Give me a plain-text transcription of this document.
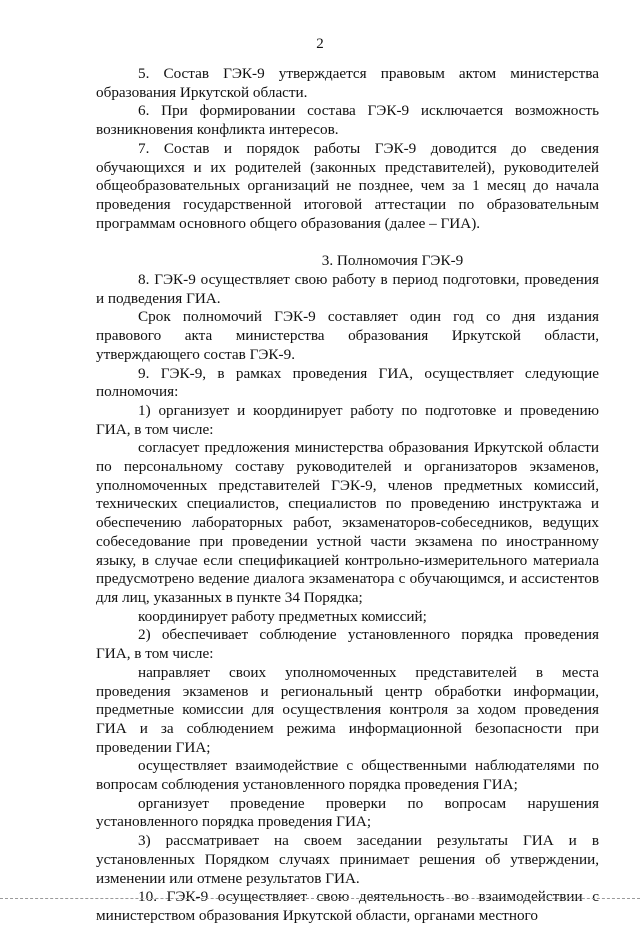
2

5. Состав ГЭК-9 утверждается правовым актом министерства образования Иркутской области.

6. При формировании состава ГЭК-9 исключается возможность возникновения конфликта интересов.

7. Состав и порядок работы ГЭК-9 доводится до сведения обучающихся и их родителей (законных представителей), руководителей общеобразовательных организаций не позднее, чем за 1 месяц до начала проведения государственной итоговой аттестации по образовательным программам основного общего образования (далее – ГИА).

3. Полномочия ГЭК-9

8. ГЭК-9 осуществляет свою работу в период подготовки, проведения и подведения ГИА.

Срок полномочий ГЭК-9 составляет один год со дня издания правового акта министерства образования Иркутской области, утверждающего состав ГЭК-9.

9. ГЭК-9, в рамках проведения ГИА, осуществляет следующие полномочия:

1) организует и координирует работу по подготовке и проведению ГИА, в том числе:

согласует предложения министерства образования Иркутской области по персональному составу руководителей и организаторов экзаменов, уполномоченных представителей ГЭК-9, членов предметных комиссий, технических специалистов, специалистов по проведению инструктажа и обеспечению лабораторных работ, экзаменаторов-собеседников, ведущих собеседование при проведении устной части экзамена по иностранному языку, в случае если спецификацией контрольно-измерительного материала предусмотрено ведение диалога экзаменатора с обучающимся, и ассистентов для лиц, указанных в пункте 34 Порядка;

координирует работу предметных комиссий;

2) обеспечивает соблюдение установленного порядка проведения ГИА, в том числе:

направляет своих уполномоченных представителей в места проведения экзаменов и региональный центр обработки информации, предметные комиссии для осуществления контроля за ходом проведения ГИА и за соблюдением режима информационной безопасности при проведении ГИА;

осуществляет взаимодействие с общественными наблюдателями по вопросам соблюдения установленного порядка проведения ГИА;

организует проведение проверки по вопросам нарушения установленного порядка проведения ГИА;

3) рассматривает на своем заседании результаты ГИА и в установленных Порядком случаях принимает решения об утверждении, изменении или отмене результатов ГИА.

10. ГЭК-9 осуществляет свою деятельность во взаимодействии с министерством образования Иркутской области, органами местного
